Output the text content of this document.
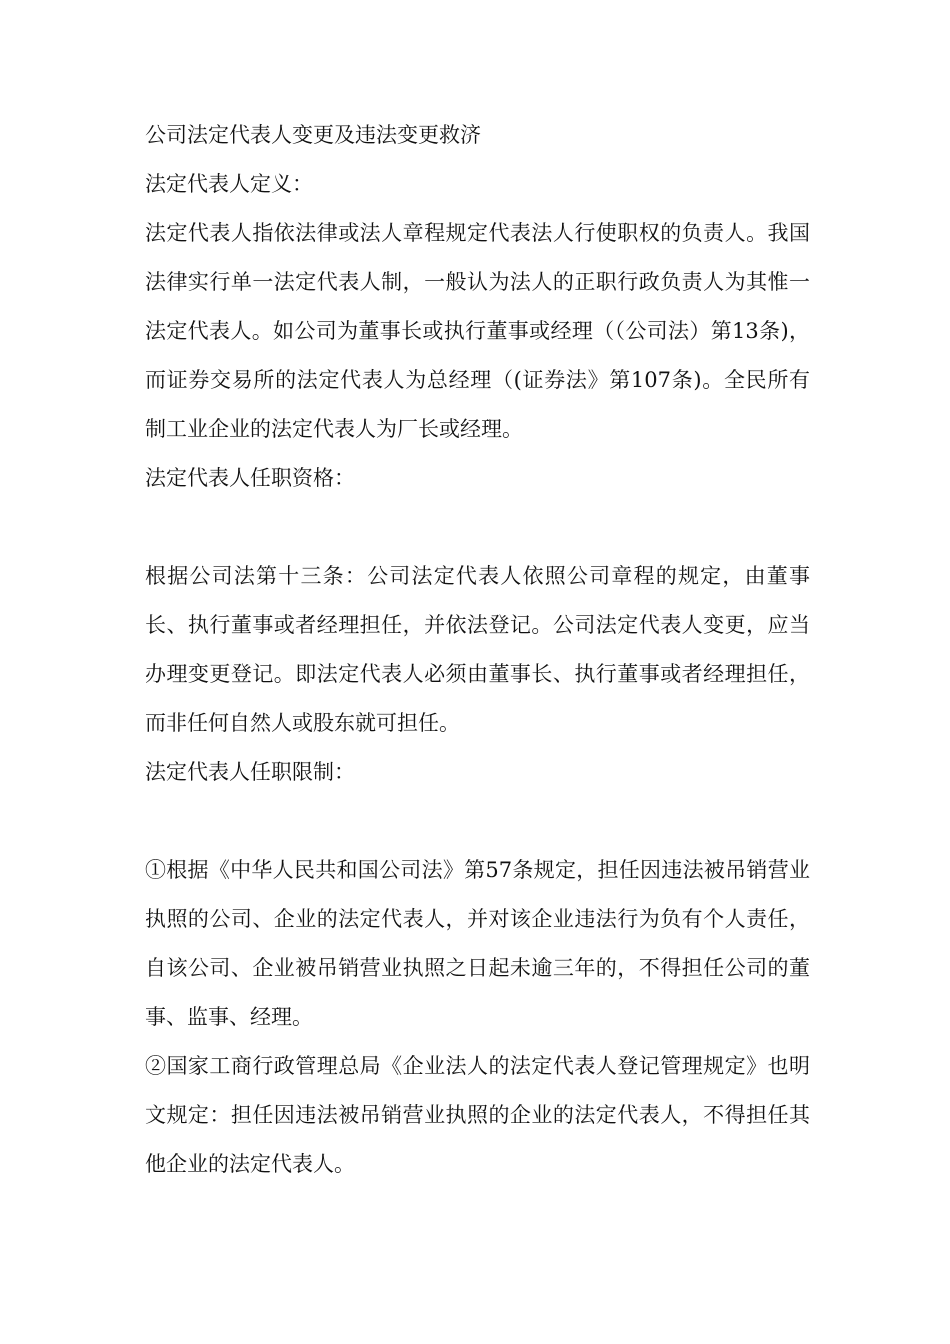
公司法定代表人变更及违法变更救济

法定代表人定义：

法定代表人指依法律或法人章程规定代表法人行使职权的负责人。我国法律实行单一法定代表人制，一般认为法人的正职行政负责人为其惟一法定代表人。如公司为董事长或执行董事或经理（（公司法）第13条)，而证券交易所的法定代表人为总经理（(证券法》第107条)。全民所有制工业企业的法定代表人为厂长或经理。

法定代表人任职资格：

根据公司法第十三条：公司法定代表人依照公司章程的规定，由董事长、执行董事或者经理担任，并依法登记。公司法定代表人变更，应当办理变更登记。即法定代表人必须由董事长、执行董事或者经理担任，而非任何自然人或股东就可担任。

法定代表人任职限制：

①根据《中华人民共和国公司法》第57条规定，担任因违法被吊销营业执照的公司、企业的法定代表人，并对该企业违法行为负有个人责任，自该公司、企业被吊销营业执照之日起未逾三年的，不得担任公司的董事、监事、经理。

②国家工商行政管理总局《企业法人的法定代表人登记管理规定》也明文规定：担任因违法被吊销营业执照的企业的法定代表人，不得担任其他企业的法定代表人。
